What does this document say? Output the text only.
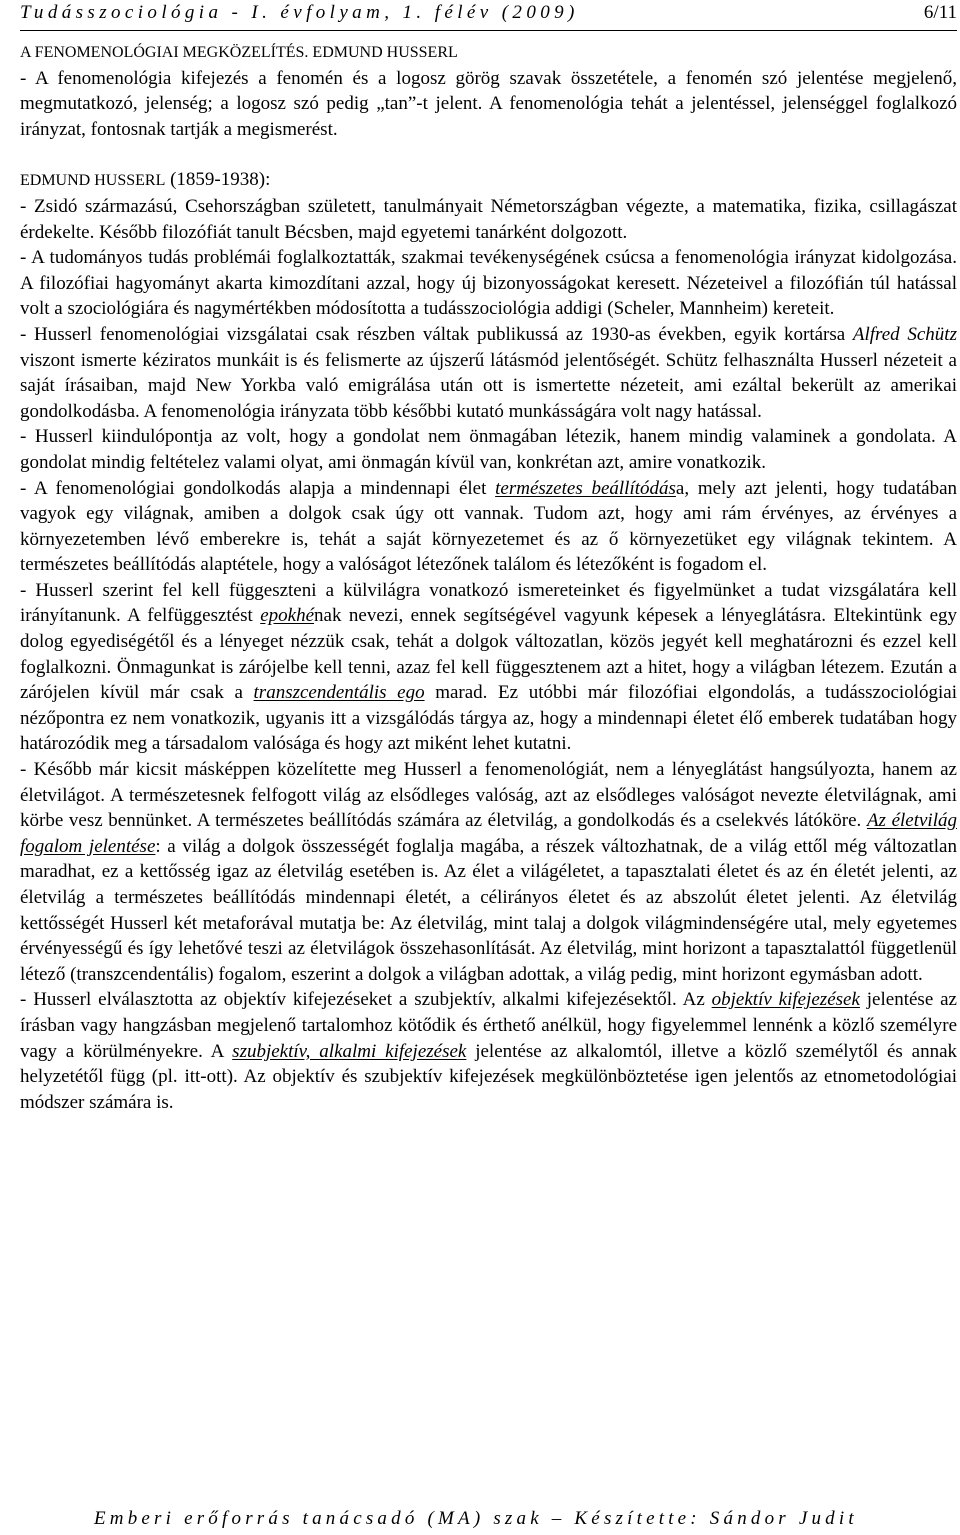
Tudásszociológia - I. évfolyam, 1. félév (2009)	6/11

A FENOMENOLÓGIAI MEGKÖZELÍTÉS. EDMUND HUSSERL

- A fenomenológia kifejezés a fenomén és a logosz görög szavak összetétele, a fenomén szó jelentése megjelenő, megmutatkozó, jelenség; a logosz szó pedig „tan”-t jelent. A fenomenológia tehát a jelentéssel, jelenséggel foglalkozó irányzat, fontosnak tartják a megismerést.

EDMUND HUSSERL (1859-1938):

- Zsidó származású, Csehországban született, tanulmányait Németországban végezte, a matematika, fizika, csillagászat érdekelte. Később filozófiát tanult Bécsben, majd egyetemi tanárként dolgozott.

- A tudományos tudás problémái foglalkoztatták, szakmai tevékenységének csúcsa a fenomenológia irányzat kidolgozása. A filozófiai hagyományt akarta kimozdítani azzal, hogy új bizonyosságokat keresett. Nézeteivel a filozófián túl hatással volt a szociológiára és nagymértékben módosította a tudásszociológia addigi (Scheler, Mannheim) kereteit.

- Husserl fenomenológiai vizsgálatai csak részben váltak publikussá az 1930-as években, egyik kortársa Alfred Schütz viszont ismerte kéziratos munkáit is és felismerte az újszerű látásmód jelentőségét. Schütz felhasználta Husserl nézeteit a saját írásaiban, majd New Yorkba való emigrálása után ott is ismertette nézeteit, ami ezáltal bekerült az amerikai gondolkodásba. A fenomenológia irányzata több későbbi kutató munkásságára volt nagy hatással.

- Husserl kiindulópontja az volt, hogy a gondolat nem önmagában létezik, hanem mindig valaminek a gondolata. A gondolat mindig feltételez valami olyat, ami önmagán kívül van, konkrétan azt, amire vonatkozik.

- A fenomenológiai gondolkodás alapja a mindennapi élet természetes beállítódása, mely azt jelenti, hogy tudatában vagyok egy világnak, amiben a dolgok csak úgy ott vannak. Tudom azt, hogy ami rám érvényes, az érvényes a környezetemben lévő emberekre is, tehát a saját környezetemet és az ő környezetüket egy világnak tekintem. A természetes beállítódás alaptétele, hogy a valóságot létezőnek találom és létezőként is fogadom el.

- Husserl szerint fel kell függeszteni a külvilágra vonatkozó ismereteinket és figyelmünket a tudat vizsgálatára kell irányítanunk. A felfüggesztést epokhénak nevezi, ennek segítségével vagyunk képesek a lényeglátásra. Eltekintünk egy dolog egyediségétől és a lényeget nézzük csak, tehát a dolgok változatlan, közös jegyét kell meghatározni és ezzel kell foglalkozni. Önmagunkat is zárójelbe kell tenni, azaz fel kell függesztenem azt a hitet, hogy a világban létezem. Ezután a zárójelen kívül már csak a transzcendentális ego marad. Ez utóbbi már filozófiai elgondolás, a tudásszociológiai nézőpontra ez nem vonatkozik, ugyanis itt a vizsgálódás tárgya az, hogy a mindennapi életet élő emberek tudatában hogy határozódik meg a társadalom valósága és hogy azt miként lehet kutatni.

- Később már kicsit másképpen közelítette meg Husserl a fenomenológiát, nem a lényeglátást hangsúlyozta, hanem az életvilágot. A természetesnek felfogott világ az elsődleges valóság, azt az elsődleges valóságot nevezte életvilágnak, ami körbe vesz bennünket. A természetes beállítódás számára az életvilág, a gondolkodás és a cselekvés látóköre. Az életvilág fogalom jelentése: a világ a dolgok összességét foglalja magába, a részek változhatnak, de a világ ettől még változatlan maradhat, ez a kettősség igaz az életvilág esetében is. Az élet a világéletet, a tapasztalati életet és az én életét jelenti, az életvilág a természetes beállítódás mindennapi életét, a célirányos életet és az abszolút életet jelenti. Az életvilág kettősségét Husserl két metaforával mutatja be: Az életvilág, mint talaj a dolgok világmindenségére utal, mely egyetemes érvényességű és így lehetővé teszi az életvilágok összehasonlítását. Az életvilág, mint horizont a tapasztalattól függetlenül létező (transzcendentális) fogalom, eszerint a dolgok a világban adottak, a világ pedig, mint horizont egymásban adott.

- Husserl elválasztotta az objektív kifejezéseket a szubjektív, alkalmi kifejezésektől. Az objektív kifejezések jelentése az írásban vagy hangzásban megjelenő tartalomhoz kötődik és érthető anélkül, hogy figyelemmel lennénk a közlő személyre vagy a körülményekre. A szubjektív, alkalmi kifejezések jelentése az alkalomtól, illetve a közlő személytől és annak helyzetétől függ (pl. itt-ott). Az objektív és szubjektív kifejezések megkülönböztetése igen jelentős az etnometodológiai módszer számára is.

Emberi erőforrás tanácsadó (MA) szak – Készítette: Sándor Judit
